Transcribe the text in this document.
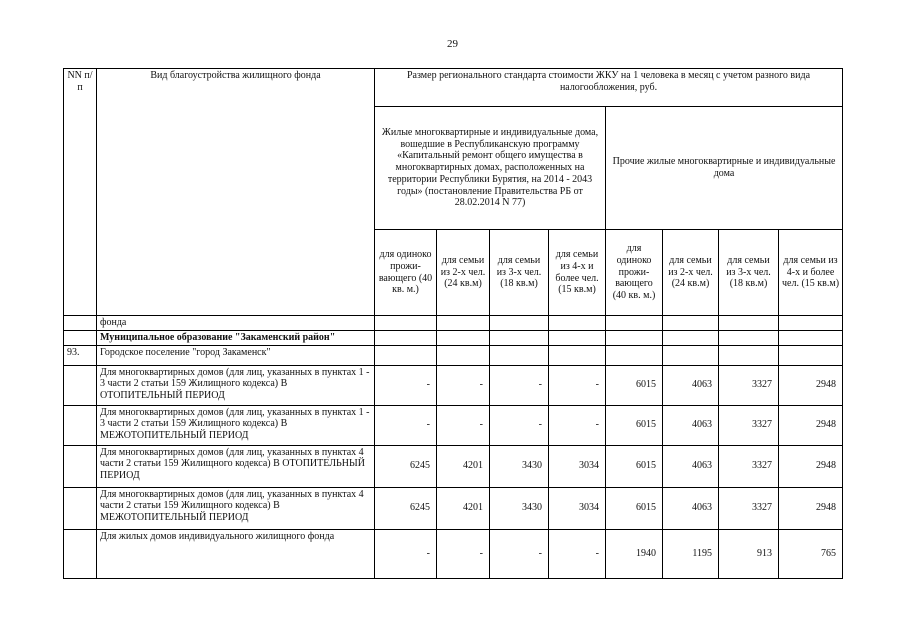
29
NN п/п	Вид благоустройства жилищного фонда	Размер регионального стандарта стоимости ЖКУ на 1 человека в месяц с учетом разного вида налогообложения, руб.							
		Жилые многоквартирные и индивидуальные дома, вошедшие в Республиканскую программу «Капитальный ремонт общего имущества в многоквартирных домах, расположенных на территории Республики Бурятия, на 2014 - 2043 годы» (постановление Правительства РБ от 28.02.2014 N 77)				Прочие жилые многоквартирные и индивидуальные дома			
		для одиноко прожи- вающего (40 кв. м.)	для семьи из 2-х чел. (24 кв.м)	для семьи из 3-х чел. (18 кв.м)	для семьи из 4-х и более чел. (15 кв.м)	для одиноко прожи- вающего (40 кв. м.)	для семьи из 2-х чел. (24 кв.м)	для семьи из 3-х чел. (18 кв.м)	для семьи из 4-х и более чел. (15 кв.м)
	фонда								
	Муниципальное образование "Закаменский район"								
93.	Городское поселение "город Закаменск"								
	Для многоквартирных домов (для лиц, указанных в пунктах 1 - 3 части 2 статьи 159 Жилищного кодекса) В ОТОПИТЕЛЬНЫЙ ПЕРИОД	-	-	-	-	6015	4063	3327	2948
	Для многоквартирных домов (для лиц, указанных в пунктах 1 - 3 части 2 статьи 159 Жилищного кодекса) В МЕЖОТОПИТЕЛЬНЫЙ ПЕРИОД	-	-	-	-	6015	4063	3327	2948
	Для многоквартирных домов (для лиц, указанных в пунктах 4 части 2 статьи 159 Жилищного кодекса) В ОТОПИТЕЛЬНЫЙ ПЕРИОД	6245	4201	3430	3034	6015	4063	3327	2948
	Для многоквартирных домов (для лиц, указанных в пунктах 4 части 2 статьи 159 Жилищного кодекса) В МЕЖОТОПИТЕЛЬНЫЙ ПЕРИОД	6245	4201	3430	3034	6015	4063	3327	2948
	Для жилых домов индивидуального жилищного фонда	-	-	-	-	1940	1195	913	765
